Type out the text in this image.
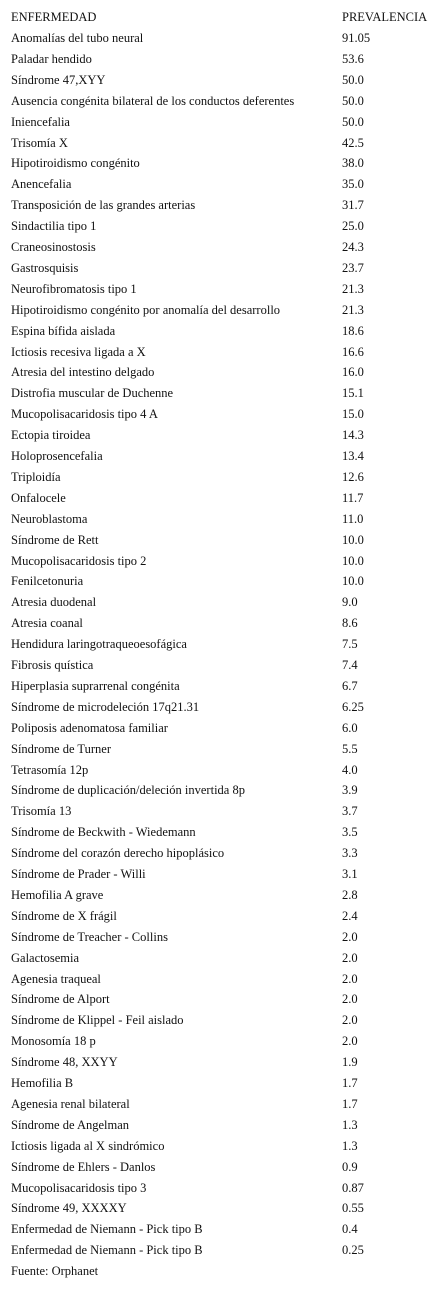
ENFERMEDAD	PREVALENCIA
Anomalías del tubo neural	91.05
Paladar hendido	53.6
Síndrome 47,XYY	50.0
Ausencia congénita bilateral de los conductos deferentes	50.0
Iniencefalia	50.0
Trisomía X	42.5
Hipotiroidismo congénito	38.0
Anencefalia	35.0
Transposición de las grandes arterias	31.7
Sindactilia tipo 1	25.0
Craneosinostosis	24.3
Gastrosquisis	23.7
Neurofibromatosis tipo 1	21.3
Hipotiroidismo congénito por anomalía del desarrollo	21.3
Espina bífida aislada	18.6
Ictiosis recesiva ligada a X	16.6
Atresia del intestino delgado	16.0
Distrofia muscular de Duchenne	15.1
Mucopolisacaridosis tipo 4 A	15.0
Ectopia tiroidea	14.3
Holoprosencefalia	13.4
Triploidía	12.6
Onfalocele	11.7
Neuroblastoma	11.0
Síndrome de Rett	10.0
Mucopolisacaridosis tipo 2	10.0
Fenilcetonuria	10.0
Atresia duodenal	9.0
Atresia coanal	8.6
Hendidura laringotraqueoesofágica	7.5
Fibrosis quística	7.4
Hiperplasia suprarrenal congénita	6.7
Síndrome de microdeleción 17q21.31	6.25
Poliposis adenomatosa familiar	6.0
Síndrome de Turner	5.5
Tetrasomía 12p	4.0
Síndrome de duplicación/deleción invertida 8p	3.9
Trisomía 13	3.7
Síndrome de Beckwith - Wiedemann	3.5
Síndrome del corazón derecho hipoplásico	3.3
Síndrome de Prader - Willi	3.1
Hemofilia A grave	2.8
Síndrome de X frágil	2.4
Síndrome de Treacher - Collins	2.0
Galactosemia	2.0
Agenesia traqueal	2.0
Síndrome de Alport	2.0
Síndrome de Klippel - Feil aislado	2.0
Monosomía 18 p	2.0
Síndrome 48, XXYY	1.9
Hemofilia B	1.7
Agenesia renal bilateral	1.7
Síndrome de Angelman	1.3
Ictiosis ligada al X sindrómico	1.3
Síndrome de Ehlers - Danlos	0.9
Mucopolisacaridosis tipo 3	0.87
Síndrome 49, XXXXY	0.55
Enfermedad de Niemann - Pick tipo B	0.4
Enfermedad de Niemann - Pick tipo B	0.25
Fuente: Orphanet
